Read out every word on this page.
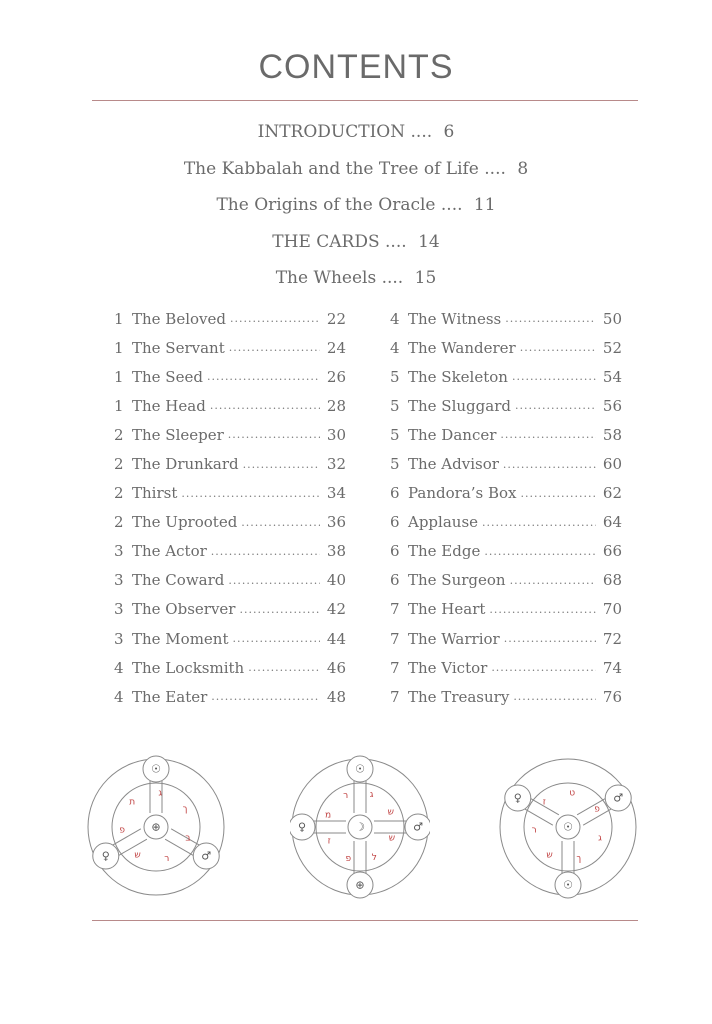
CONTENTS
INTRODUCTION .... 6
The Kabbalah and the Tree of Life .... 8
The Origins of the Oracle .... 11
THE CARDS .... 14
The Wheels .... 15
1 The Beloved .....	22
1 The Servant .....	24
1 The Seed .....	26
1 The Head .....	28
2 The Sleeper .....	30
2 The Drunkard .....	32
2 Thirst .....	34
2 The Uprooted .....	36
3 The Actor .....	38
3 The Coward .....	40
3 The Observer .....	42
3 The Moment .....	44
4 The Locksmith .....	46
4 The Eater .....	48
4 The Witness .....	50
4 The Wanderer .....	52
5 The Skeleton .....	54
5 The Sluggard .....	56
5 The Dancer .....	58
5 The Advisor .....	60
6 Pandora’s Box .....	62
6 Applause .....	64
6 The Edge .....	66
6 The Surgeon .....	68
7 The Heart .....	70
7 The Warrior .....	72
7 The Victor .....	74
7 The Treasury .....	76
☉
♂
♀
⊕
ב
ר
ש
פ
ת
ג
ך
☉
♂
⊕
♀	☽
ש
ל
פ
ז
מ
ר ג
ש
♀	♂
☉
☉
ג
ך
ש
ר
ז
ט
פ
